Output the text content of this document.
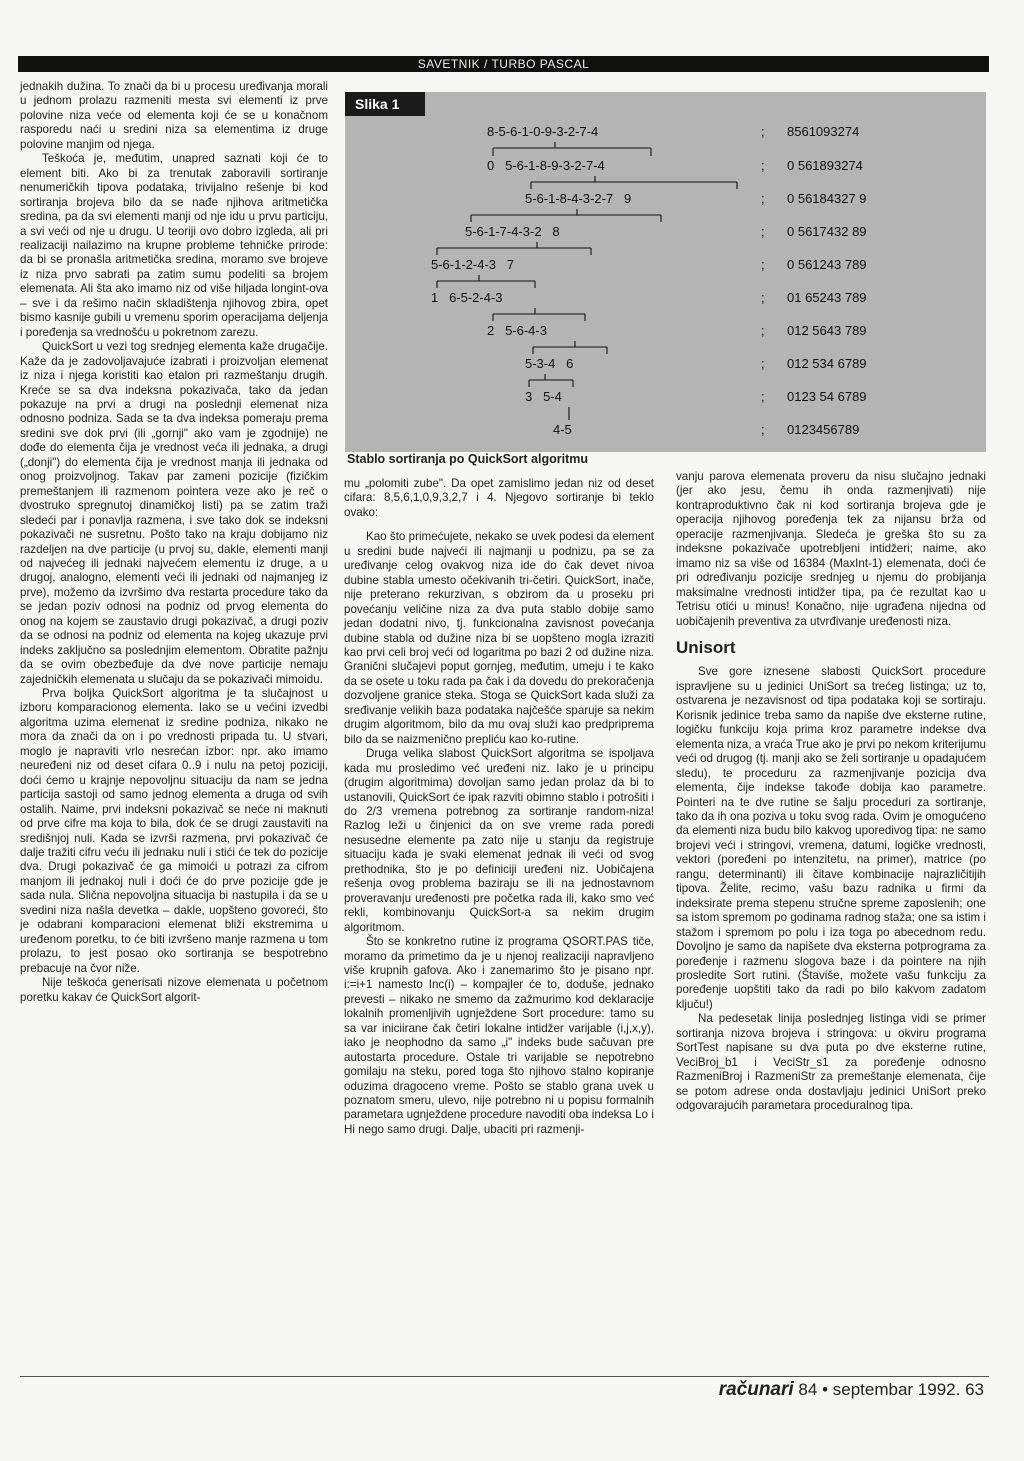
SAVETNIK / TURBO PASCAL

jednakih dužina. To znači da bi u procesu uređivanja morali u jednom prolazu razmeniti mesta svi elementi iz prve polovine niza veće od elementa koji će se u konačnom rasporedu naći u sredini niza sa elementima iz druge polovine manjim od njega.

Teškoća je, međutim, unapred saznati koji će to element biti. Ako bi za trenutak zaboravili sortiranje nenumeričkih tipova podataka, trivijalno rešenje bi kod sortiranja brojeva bilo da se nađe njihova aritmetička sredina, pa da svi elementi manji od nje idu u prvu particiju, a svi veći od nje u drugu. U teoriji ovo dobro izgleda, ali pri realizaciji nailazimo na krupne probleme tehničke prirode: da bi se pronašla aritmetička sredina, moramo sve brojeve iz niza prvo sabrati pa zatim sumu podeliti sa brojem elemenata. Ali šta ako imamo niz od više hiljada longint-ova – sve i da rešimo način skladištenja njihovog zbira, opet bismo kasnije gubili u vremenu sporim operacijama deljenja i poređenja sa vrednošću u pokretnom zarezu.

QuickSort u vezi tog srednjeg elementa kaže drugačije. Kaže da je zadovoljavajuće izabrati i proizvoljan elemenat iz niza i njega koristiti kao etalon pri razmeštanju drugih. Kreće se sa dva indeksna pokazivača, tako da jedan pokazuje na prvi a drugi na poslednji elemenat niza odnosno podniza. Sada se ta dva indeksa pomeraju prema sredini sve dok prvi (ili „gornji" ako vam je zgodnije) ne dođe do elementa čija je vrednost veća ili jednaka, a drugi („donji") do elementa čija je vrednost manja ili jednaka od onog proizvoljnog. Takav par zameni pozicije (fizičkim premeštanjem ili razmenom pointera veze ako je reč o dvostruko spregnutoj dinamičkoj listi) pa se zatim traži sledeći par i ponavlja razmena, i sve tako dok se indeksni pokazivači ne susretnu. Pošto tako na kraju dobijamo niz razdeljen na dve particije (u prvoj su, dakle, elementi manji od najvećeg ili jednaki najvećem elementu iz druge, a u drugoj, analogno, elementi veći ili jednaki od najmanjeg iz prve), možemo da izvršimo dva restarta procedure tako da se jedan poziv odnosi na podniz od prvog elementa do onog na kojem se zaustavio drugi pokazivač, a drugi poziv da se odnosi na podniz od elementa na kojeg ukazuje prvi indeks zaključno sa poslednjim elementom. Obratite pažnju da se ovim obezbeđuje da dve nove particije nemaju zajedničkih elemenata u slučaju da se pokazivači mimoidu.

Prva boljka QuickSort algoritma je ta slučajnost u izboru komparacionog elementa. Iako se u većini izvedbi algoritma uzima elemenat iz sredine podniza, nikako ne mora da znači da on i po vrednosti pripada tu. U stvari, moglo je napraviti vrlo nesrećan izbor: npr. ako imamo neuređeni niz od deset cifara 0..9 i nulu na petoj poziciji, doći ćemo u krajnje nepovoljnu situaciju da nam se jedna particija sastoji od samo jednog elementa a druga od svih ostalih. Naime, prvi indeksni pokazivač se neće ni maknuti od prve cifre ma koja to bila, dok će se drugi zaustaviti na središnjoj nuli. Kada se izvrši razmena, prvi pokazivač će dalje tražiti cifru veću ili jednaku nuli i stići će tek do pozicije dva. Drugi pokazivač će ga mimoići u potrazi za cifrom manjom ili jednakoj nuli i doći će do prve pozicije gde je sada nula. Slična nepovoljna situacija bi nastupila i da se u svedini niza našla devetka – dakle, uopšteno govoreći, što je odabrani komparacioni elemenat bliži ekstremima u uređenom poretku, to će biti izvršeno manje razmena u tom prolazu, to jest posao oko sortiranja se bespotrebno prebacuje na čvor niže.

Nije teškoća generisati nizove elemenata u početnom poretku kakav će QuickSort algorit-

Slika 1
8-5-6-1-0-9-3-2-7-4
0   5-6-1-8-9-3-2-7-4
5-6-1-8-4-3-2-7   9
5-6-1-7-4-3-2   8
5-6-1-2-4-3   7
1   6-5-2-4-3
2   5-6-4-3
5-3-4   6
3   5-4
4-5
;
;
;
;
;
;
;
;
;
;
8561093274
0 561893274
0 56184327 9
0 5617432 89
0 561243 789
01 65243 789
012 5643 789
012 534 6789
0123 54 6789
0123456789
Stablo sortiranja po QuickSort algoritmu

mu „polomiti zube". Da opet zamislimo jedan niz od deset cifara: 8,5,6,1,0,9,3,2,7 i 4. Njegovo sortiranje bi teklo ovako:

Kao što primećujete, nekako se uvek podesi da element u sredini bude najveći ili najmanji u podnizu, pa se za uređivanje celog ovakvog niza ide do čak devet nivoa dubine stabla umesto očekivanih tri-četiri. QuickSort, inače, nije preterano rekurzivan, s obzirom da u proseku pri povećanju veličine niza za dva puta stablo dobije samo jedan dodatni nivo, tj. funkcionalna zavisnost povećanja dubine stabla od dužine niza bi se uopšteno mogla izraziti kao prvi celi broj veći od logaritma po bazi 2 od dužine niza. Granični slučajevi poput gornjeg, međutim, umeju i te kako da se osete u toku rada pa čak i da dovedu do prekoračenja dozvoljene granice steka. Stoga se QuickSort kada služi za sređivanje velikih baza podataka najčešće sparuje sa nekim drugim algoritmom, bilo da mu ovaj služi kao predpriprema bilo da se naizmenično prepliću kao ko-rutine.

Druga velika slabost QuickSort algoritma se ispoljava kada mu prosledimo već uređeni niz. Iako je u principu (drugim algoritmima) dovoljan samo jedan prolaz da bi to ustanovili, QuickSort će ipak razviti obimno stablo i potrošiti i do 2/3 vremena potrebnog za sortiranje random-niza! Razlog leži u činjenici da on sve vreme rada poredi nesusedne elemente pa zato nije u stanju da registruje situaciju kada je svaki elemenat jednak ili veći od svog prethodnika, što je po definiciji uređeni niz. Uobičajena rešenja ovog problema baziraju se ili na jednostavnom proveravanju uređenosti pre početka rada ili, kako smo već rekli, kombinovanju QuickSort-a sa nekim drugim algoritmom.

Što se konkretno rutine iz programa QSORT.PAS tiče, moramo da primetimo da je u njenoj realizaciji napravljeno više krupnih gafova. Ako i zanemarimo što je pisano npr. i:=i+1 namesto Inc(i) – kompajler će to, doduše, jednako prevesti – nikako ne smemo da zažmurimo kod deklaracije lokalnih promenljivih ugnježdene Sort procedure: tamo su sa var iniciirane čak četiri lokalne intidžer varijable (i,j,x,y), iako je neophodno da samo „i" indeks bude sačuvan pre autostarta procedure. Ostale tri varijable se nepotrebno gomilaju na steku, pored toga što njihovo stalno kopiranje oduzima dragoceno vreme. Pošto se stablo grana uvek u poznatom smeru, ulevo, nije potrebno ni u popisu formalnih parametara ugnježdene procedure navoditi oba indeksa Lo i Hi nego samo drugi. Dalje, ubaciti pri razmenji-

vanju parova elemenata proveru da nisu slučajno jednaki (jer ako jesu, čemu ih onda razmenjivati) nije kontraproduktivno čak ni kod sortiranja brojeva gde je operacija njihovog poređenja tek za nijansu brža od operacije razmenjivanja. Sledeća je greška što su za indeksne pokazivače upotrebljeni intidžeri; naime, ako imamo niz sa više od 16384 (MaxInt-1) elemenata, doći će pri određivanju pozicije srednjeg u njemu do probijanja maksimalne vrednosti intidžer tipa, pa će rezultat kao u Tetrisu otići u minus! Konačno, nije ugrađena nijedna od uobičajenih preventiva za utvrđivanje uređenosti niza.

Unisort

Sve gore iznesene slabosti QuickSort procedure ispravljene su u jedinici UniSort sa trećeg listinga; uz to, ostvarena je nezavisnost od tipa podataka koji se sortiraju. Korisnik jedinice treba samo da napiše dve eksterne rutine, logičku funkciju koja prima kroz parametre indekse dva elementa niza, a vraća True ako je prvi po nekom kriterijumu veći od drugog (tj. manji ako se želi sortiranje u opadajućem sledu), te proceduru za razmenjivanje pozicija dva elementa, čije indekse takođe dobija kao parametre. Pointeri na te dve rutine se šalju proceduri za sortiranje, tako da ih ona poziva u toku svog rada. Ovim je omogućeno da elementi niza budu bilo kakvog uporedivog tipa: ne samo brojevi veći i stringovi, vremena, datumi, logičke vrednosti, vektori (poređeni po intenzitetu, na primer), matrice (po rangu, determinanti) ili čitave kombinacije najrazličitijih tipova. Želite, recimo, vašu bazu radnika u firmi da indeksirate prema stepenu stručne spreme zaposlenih; one sa istom spremom po godinama radnog staža; one sa istim i stažom i spremom po polu i iza toga po abecednom redu. Dovoljno je samo da napišete dva eksterna potprograma za poređenje i razmenu slogova baze i da pointere na njih prosledite Sort rutini. (Štaviše, možete vašu funkciju za poređenje uopštiti tako da radi po bilo kakvom zadatom ključu!)

Na pedesetak linija poslednjeg listinga vidi se primer sortiranja nizova brojeva i stringova: u okviru programa SortTest napisane su dva puta po dve eksterne rutine, VeciBroj_b1 i VeciStr_s1 za poređenje odnosno RazmeniBroj i RazmeniStr za premeštanje elemenata, čije se potom adrese onda dostavljaju jedinici UniSort preko odgovarajućih parametara proceduralnog tipa.

računari 84 • septembar 1992. 63
